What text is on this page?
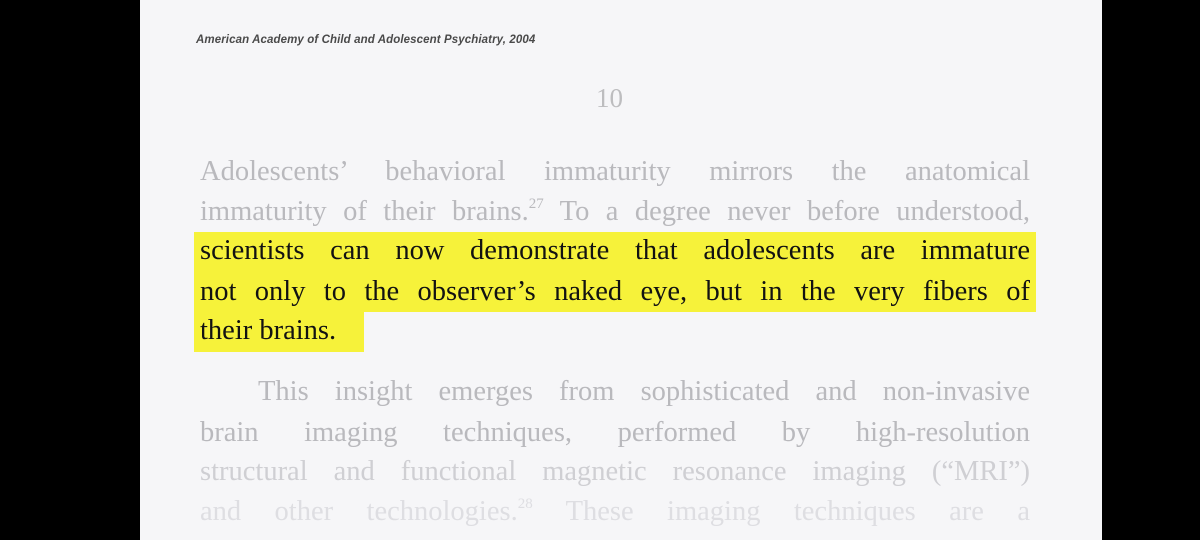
American Academy of Child and Adolescent Psychiatry, 2004
10
Adolescents’ behavioral immaturity mirrors the anatomical
immaturity of their brains.$^{27}$ To a degree never before understood,
scientists can now demonstrate that adolescents are immature
not only to the observer’s naked eye, but in the very fibers of
their brains.
This insight emerges from sophisticated and non-invasive
brain imaging techniques, performed by high-resolution
structural and functional magnetic resonance imaging (“MRI”)
and other technologies.$^{28}$ These imaging techniques are a
